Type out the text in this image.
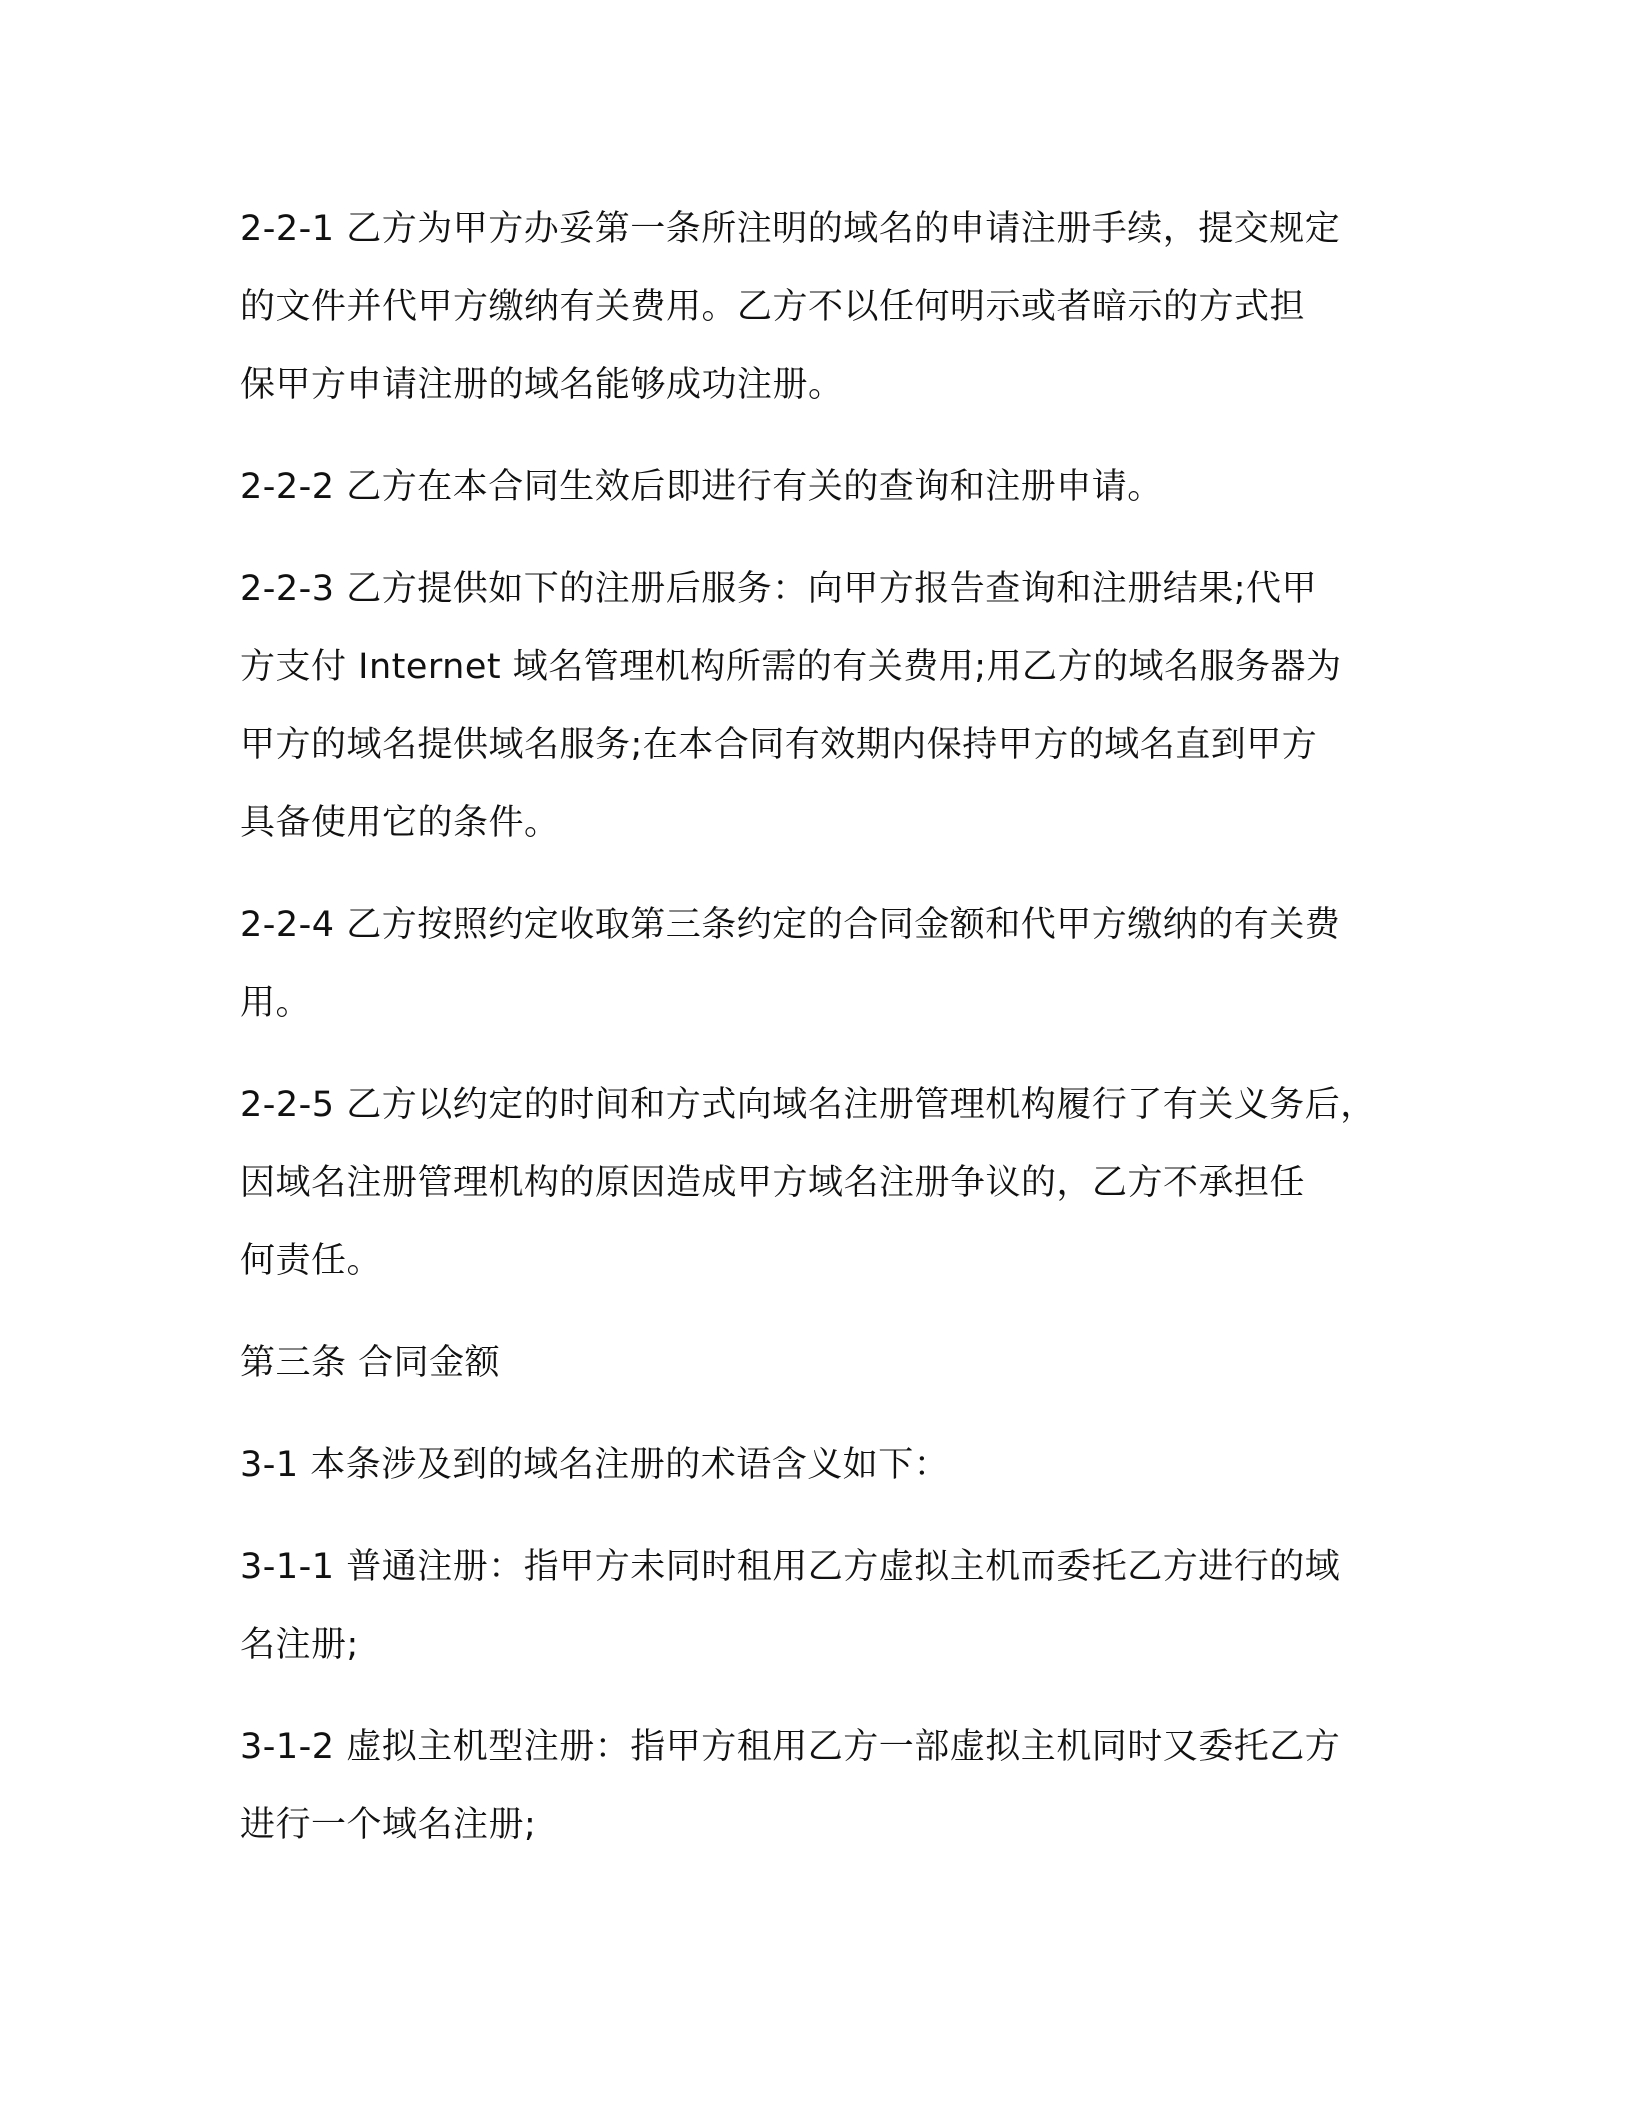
2-2-1 乙方为甲方办妥第一条所注明的域名的申请注册手续，提交规定
的文件并代甲方缴纳有关费用。乙方不以任何明示或者暗示的方式担
保甲方申请注册的域名能够成功注册。

2-2-2 乙方在本合同生效后即进行有关的查询和注册申请。

2-2-3 乙方提供如下的注册后服务：向甲方报告查询和注册结果;代甲
方支付 Internet 域名管理机构所需的有关费用;用乙方的域名服务器为
甲方的域名提供域名服务;在本合同有效期内保持甲方的域名直到甲方
具备使用它的条件。

2-2-4 乙方按照约定收取第三条约定的合同金额和代甲方缴纳的有关费
用。

2-2-5 乙方以约定的时间和方式向域名注册管理机构履行了有关义务后，
因域名注册管理机构的原因造成甲方域名注册争议的，乙方不承担任
何责任。

第三条 合同金额

3-1 本条涉及到的域名注册的术语含义如下：

3-1-1 普通注册：指甲方未同时租用乙方虚拟主机而委托乙方进行的域
名注册;

3-1-2 虚拟主机型注册：指甲方租用乙方一部虚拟主机同时又委托乙方
进行一个域名注册;
